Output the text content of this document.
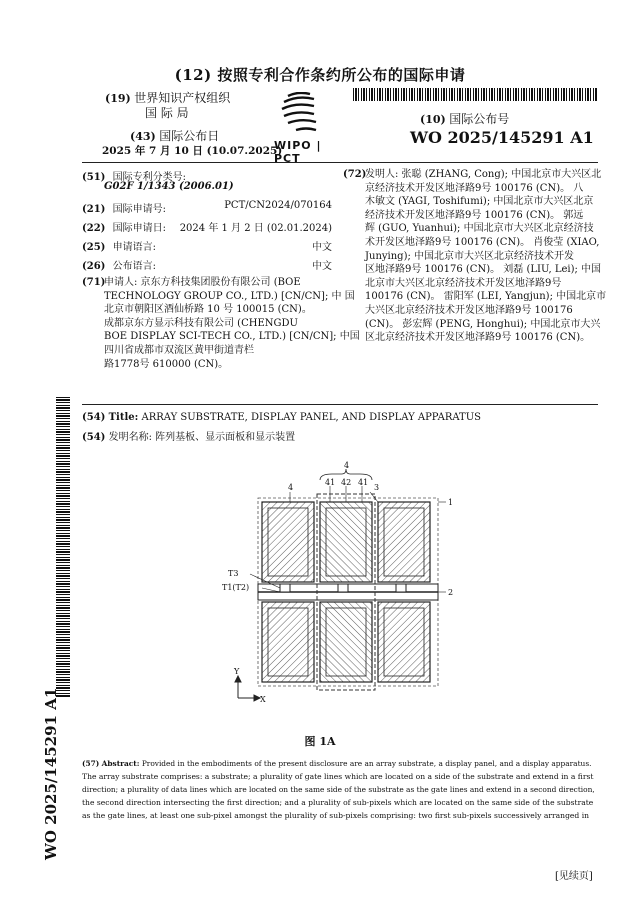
(12) 按照专利合作条约所公布的国际申请
(19) 世界知识产权组织
国 际 局
(43) 国际公布日
2025 年 7 月 10 日 (10.07.2025)
WIPO | PCT
(10) 国际公布号
WO 2025/145291 A1
(51) 国际专利分类号:
G02F 1/1343 (2006.01)
(21) 国际申请号:	PCT/CN2024/070164
(22) 国际申请日: 2024 年 1 月 2 日 (02.01.2024)
(25) 申请语言:	中文
(26) 公布语言:	中文
(71)
申请人: 京东方科技集团股份有限公司 (BOE
TECHNOLOGY GROUP CO., LTD.) [CN/CN]; 中 国
北京市朝阳区酒仙桥路 10 号 100015 (CN)。
成都京东方显示科技有限公司 (CHENGDU
BOE DISPLAY SCI-TECH CO., LTD.) [CN/CN]; 中国
四川省成都市双流区黄甲街道青栏
路1778号 610000 (CN)。
(72)
发明人: 张聪 (ZHANG, Cong); 中国北京市大兴区北
京经济技术开发区地泽路9号 100176 (CN)。 八
木敏文 (YAGI, Toshifumi); 中国北京市大兴区北京
经济技术开发区地泽路9号 100176 (CN)。 郭远
辉 (GUO, Yuanhui); 中国北京市大兴区北京经济技
术开发区地泽路9号 100176 (CN)。 肖俊莹 (XIAO,
Junying); 中国北京市大兴区北京经济技术开发
区地泽路9号 100176 (CN)。 刘磊 (LIU, Lei); 中国
北京市大兴区北京经济技术开发区地泽路9号
100176 (CN)。 雷阳军 (LEI, Yangjun); 中国北京市
大兴区北京经济技术开发区地泽路9号 100176
(CN)。 彭宏辉 (PENG, Honghui); 中国北京市大兴
区北京经济技术开发区地泽路9号 100176 (CN)。
WO 2025/145291 A1
(54) Title: ARRAY SUBSTRATE, DISPLAY PANEL, AND DISPLAY APPARATUS
(54) 发明名称: 阵列基板、显示面板和显示装置
4
4
41 42 41
3
1
2
T3
T1(T2)
Y
X
图 1A
(57) Abstract: Provided in the embodiments of the present disclosure are an array substrate, a display panel, and a display apparatus.
The array substrate comprises: a substrate; a plurality of gate lines which are located on a side of the substrate and extend in a first
direction; a plurality of data lines which are located on the same side of the substrate as the gate lines and extend in a second direction,
the second direction intersecting the first direction; and a plurality of sub-pixels which are located on the same side of the substrate
as the gate lines, at least one sub-pixel amongst the plurality of sub-pixels comprising: two first sub-pixels successively arranged in
[见续页]
